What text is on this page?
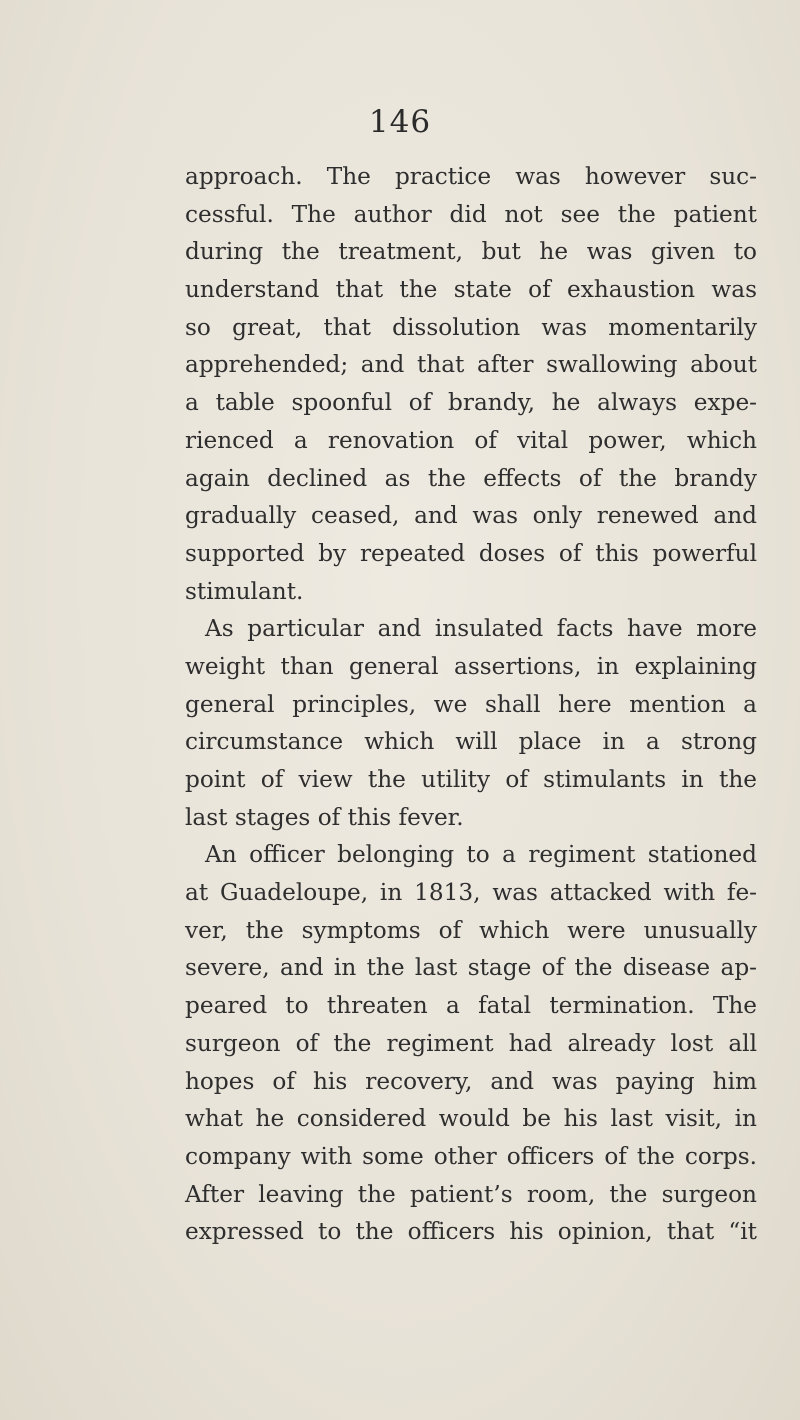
146
approach. The practice was however suc-
cessful. The author did not see the patient
during the treatment, but he was given to
understand that the state of exhaustion was
so great, that dissolution was momentarily
apprehended; and that after swallowing about
a table spoonful of brandy, he always expe-
rienced a renovation of vital power, which
again declined as the effects of the brandy
gradually ceased, and was only renewed and
supported by repeated doses of this powerful
stimulant.
As particular and insulated facts have more
weight than general assertions, in explaining
general principles, we shall here mention a
circumstance which will place in a strong
point of view the utility of stimulants in the
last stages of this fever.
An officer belonging to a regiment stationed
at Guadeloupe, in 1813, was attacked with fe-
ver, the symptoms of which were unusually
severe, and in the last stage of the disease ap-
peared to threaten a fatal termination. The
surgeon of the regiment had already lost all
hopes of his recovery, and was paying him
what he considered would be his last visit, in
company with some other officers of the corps.
After leaving the patient’s room, the surgeon
expressed to the officers his opinion, that “it
